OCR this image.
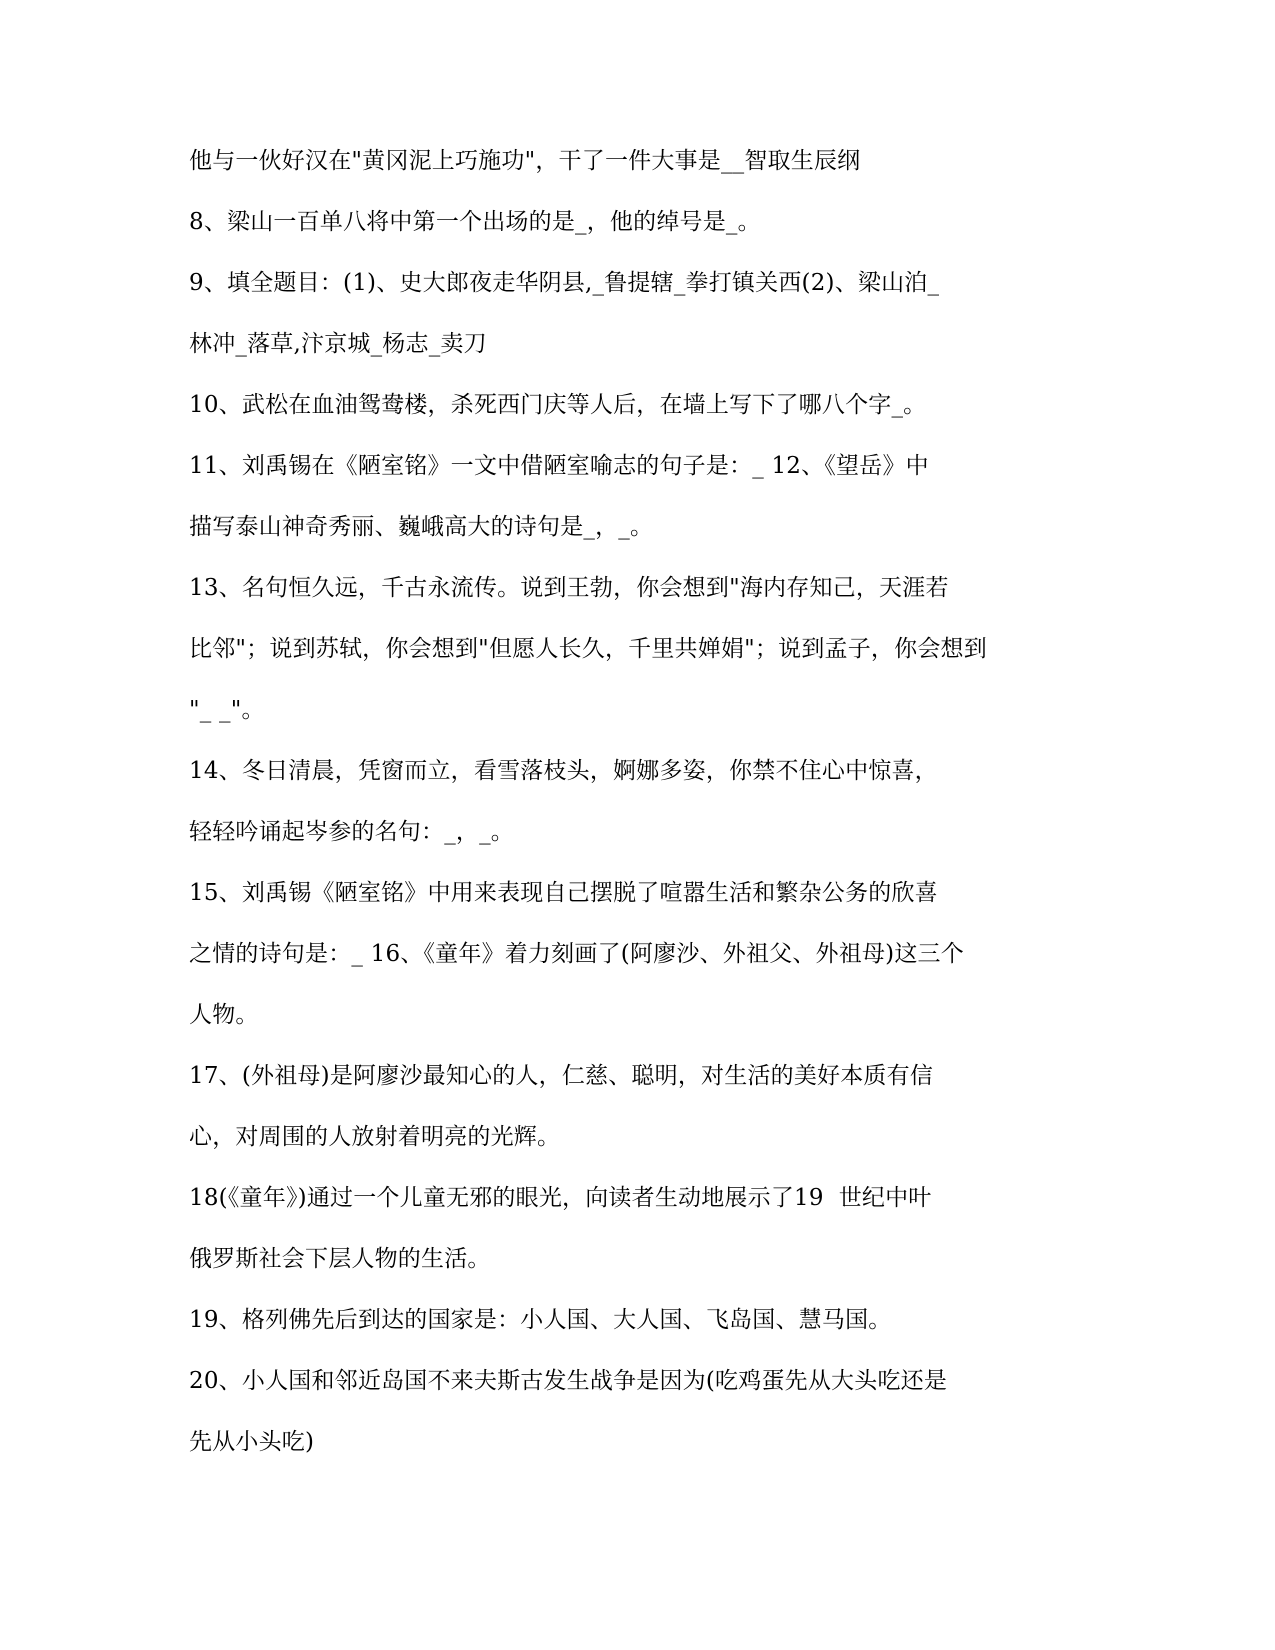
他与一伙好汉在"黄冈泥上巧施功"，干了一件大事是__智取生辰纲
8、梁山一百单八将中第一个出场的是_，他的绰号是_。
9、填全题目：(1)、史大郎夜走华阴县,_鲁提辖_拳打镇关西(2)、梁山泊_
林冲_落草,汴京城_杨志_卖刀
10、武松在血油鸳鸯楼，杀死西门庆等人后，在墙上写下了哪八个字_。
11、刘禹锡在《陋室铭》一文中借陋室喻志的句子是：_ 12、《望岳》中
描写泰山神奇秀丽、巍峨高大的诗句是_，_。
13、名句恒久远，千古永流传。说到王勃，你会想到"海内存知己，天涯若
比邻"；说到苏轼，你会想到"但愿人长久，千里共婵娟"；说到孟子，你会想到
"_ _"。
14、冬日清晨，凭窗而立，看雪落枝头，婀娜多姿，你禁不住心中惊喜，
轻轻吟诵起岑参的名句：_，_。
15、刘禹锡《陋室铭》中用来表现自己摆脱了喧嚣生活和繁杂公务的欣喜
之情的诗句是：_ 16、《童年》着力刻画了(阿廖沙、外祖父、外祖母)这三个
人物。
17、(外祖母)是阿廖沙最知心的人，仁慈、聪明，对生活的美好本质有信
心，对周围的人放射着明亮的光辉。
18(《童年》)通过一个儿童无邪的眼光，向读者生动地展示了19  世纪中叶
俄罗斯社会下层人物的生活。
19、格列佛先后到达的国家是：小人国、大人国、飞岛国、慧马国。
20、小人国和邻近岛国不来夫斯古发生战争是因为(吃鸡蛋先从大头吃还是
先从小头吃)
